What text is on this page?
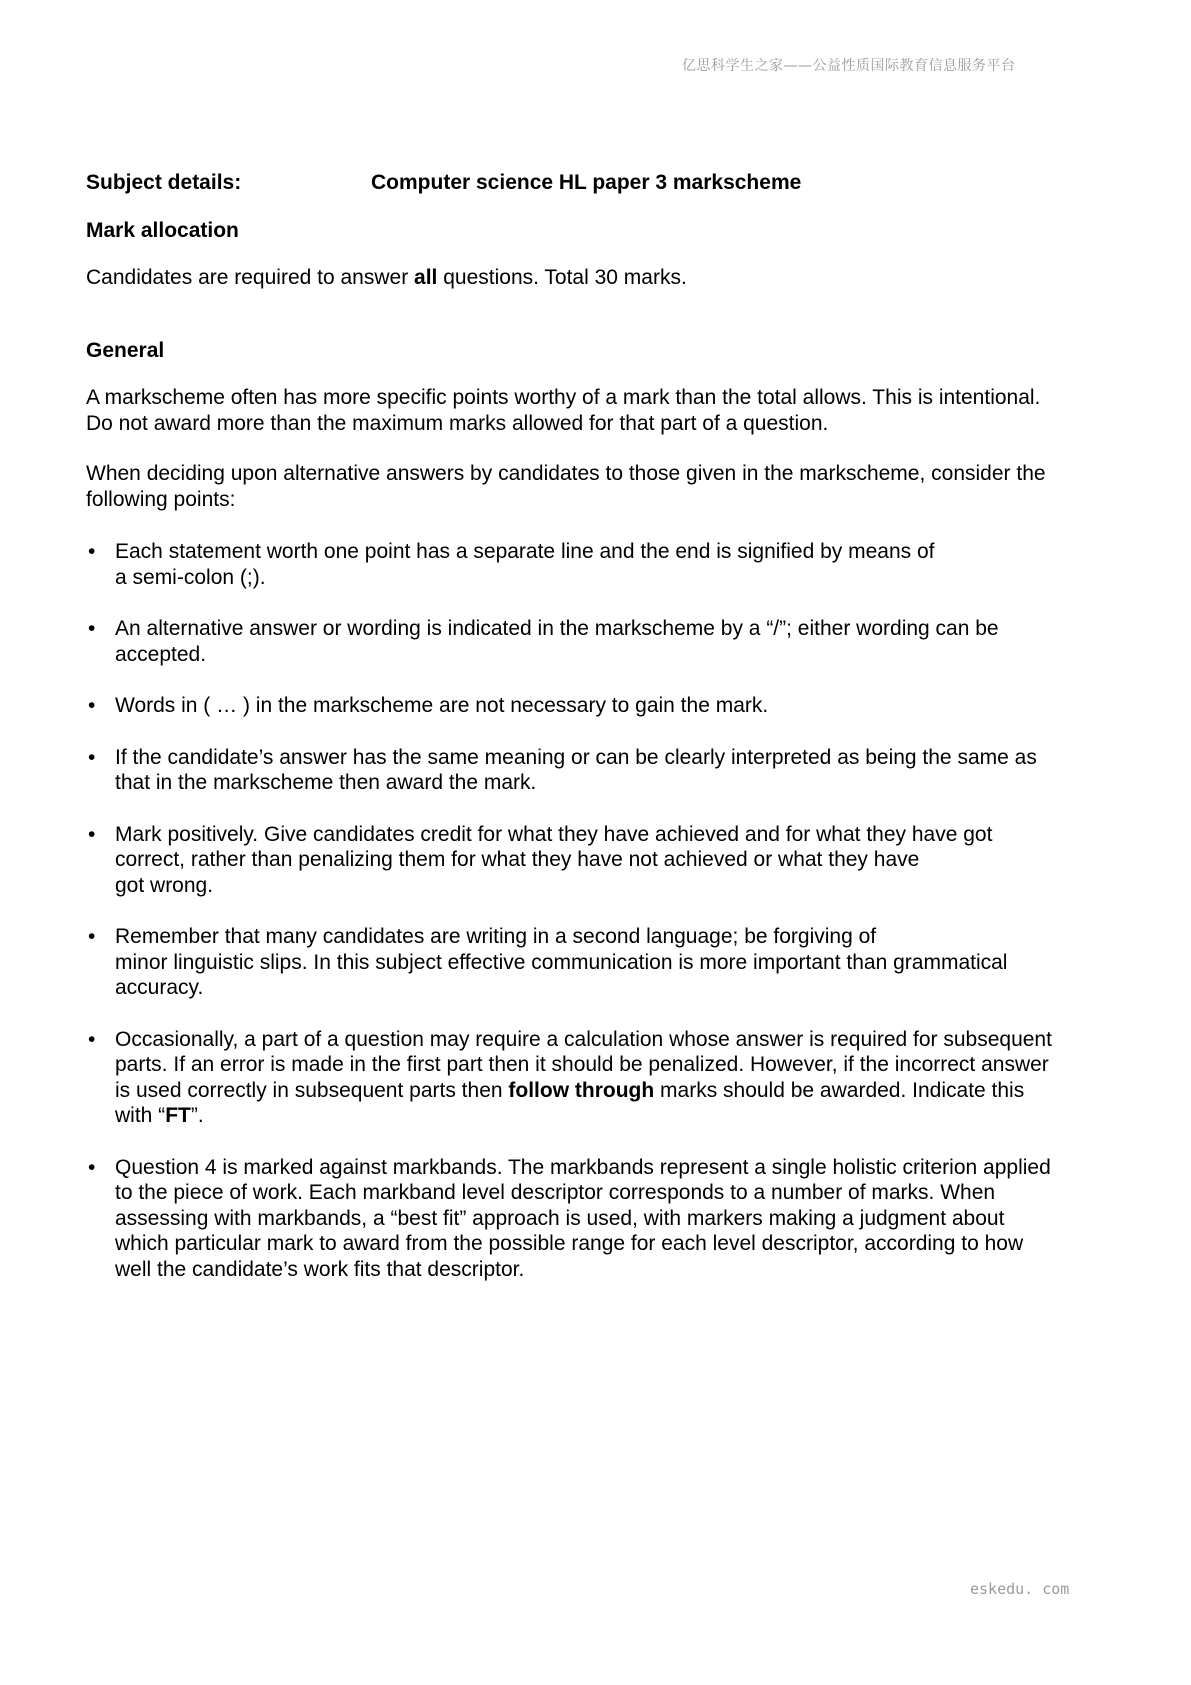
亿思科学生之家——公益性质国际教育信息服务平台
Subject details:	Computer science HL paper 3 markscheme
Mark allocation

Candidates are required to answer all questions. Total 30 marks.

General

A markscheme often has more specific points worthy of a mark than the total allows. This is intentional.
Do not award more than the maximum marks allowed for that part of a question.

When deciding upon alternative answers by candidates to those given in the markscheme, consider the
following points:

• Each statement worth one point has a separate line and the end is signified by means of
a semi-colon (;).
• An alternative answer or wording is indicated in the markscheme by a “/”; either wording can be
accepted.
• Words in ( … ) in the markscheme are not necessary to gain the mark.
• If the candidate’s answer has the same meaning or can be clearly interpreted as being the same as
that in the markscheme then award the mark.
• Mark positively. Give candidates credit for what they have achieved and for what they have got
correct, rather than penalizing them for what they have not achieved or what they have
got wrong.
• Remember that many candidates are writing in a second language; be forgiving of
minor linguistic slips. In this subject effective communication is more important than grammatical
accuracy.
• Occasionally, a part of a question may require a calculation whose answer is required for subsequent
parts. If an error is made in the first part then it should be penalized. However, if the incorrect answer
is used correctly in subsequent parts then follow through marks should be awarded. Indicate this
with “FT”.
• Question 4 is marked against markbands. The markbands represent a single holistic criterion applied
to the piece of work. Each markband level descriptor corresponds to a number of marks. When
assessing with markbands, a “best fit” approach is used, with markers making a judgment about
which particular mark to award from the possible range for each level descriptor, according to how
well the candidate’s work fits that descriptor.
eskedu. com
